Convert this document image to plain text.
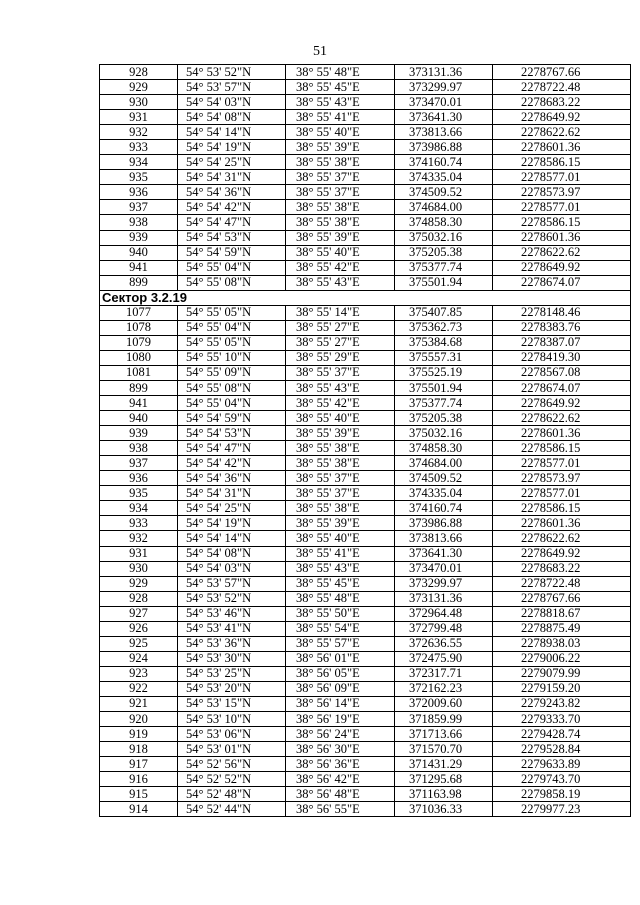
51
928	54° 53' 52"N	38° 55' 48"E	373131.36	2278767.66
929	54° 53' 57"N	38° 55' 45"E	373299.97	2278722.48
930	54° 54' 03"N	38° 55' 43"E	373470.01	2278683.22
931	54° 54' 08"N	38° 55' 41"E	373641.30	2278649.92
932	54° 54' 14"N	38° 55' 40"E	373813.66	2278622.62
933	54° 54' 19"N	38° 55' 39"E	373986.88	2278601.36
934	54° 54' 25"N	38° 55' 38"E	374160.74	2278586.15
935	54° 54' 31"N	38° 55' 37"E	374335.04	2278577.01
936	54° 54' 36"N	38° 55' 37"E	374509.52	2278573.97
937	54° 54' 42"N	38° 55' 38"E	374684.00	2278577.01
938	54° 54' 47"N	38° 55' 38"E	374858.30	2278586.15
939	54° 54' 53"N	38° 55' 39"E	375032.16	2278601.36
940	54° 54' 59"N	38° 55' 40"E	375205.38	2278622.62
941	54° 55' 04"N	38° 55' 42"E	375377.74	2278649.92
899	54° 55' 08"N	38° 55' 43"E	375501.94	2278674.07
Сектор 3.2.19				
1077	54° 55' 05"N	38° 55' 14"E	375407.85	2278148.46
1078	54° 55' 04"N	38° 55' 27"E	375362.73	2278383.76
1079	54° 55' 05"N	38° 55' 27"E	375384.68	2278387.07
1080	54° 55' 10"N	38° 55' 29"E	375557.31	2278419.30
1081	54° 55' 09"N	38° 55' 37"E	375525.19	2278567.08
899	54° 55' 08"N	38° 55' 43"E	375501.94	2278674.07
941	54° 55' 04"N	38° 55' 42"E	375377.74	2278649.92
940	54° 54' 59"N	38° 55' 40"E	375205.38	2278622.62
939	54° 54' 53"N	38° 55' 39"E	375032.16	2278601.36
938	54° 54' 47"N	38° 55' 38"E	374858.30	2278586.15
937	54° 54' 42"N	38° 55' 38"E	374684.00	2278577.01
936	54° 54' 36"N	38° 55' 37"E	374509.52	2278573.97
935	54° 54' 31"N	38° 55' 37"E	374335.04	2278577.01
934	54° 54' 25"N	38° 55' 38"E	374160.74	2278586.15
933	54° 54' 19"N	38° 55' 39"E	373986.88	2278601.36
932	54° 54' 14"N	38° 55' 40"E	373813.66	2278622.62
931	54° 54' 08"N	38° 55' 41"E	373641.30	2278649.92
930	54° 54' 03"N	38° 55' 43"E	373470.01	2278683.22
929	54° 53' 57"N	38° 55' 45"E	373299.97	2278722.48
928	54° 53' 52"N	38° 55' 48"E	373131.36	2278767.66
927	54° 53' 46"N	38° 55' 50"E	372964.48	2278818.67
926	54° 53' 41"N	38° 55' 54"E	372799.48	2278875.49
925	54° 53' 36"N	38° 55' 57"E	372636.55	2278938.03
924	54° 53' 30"N	38° 56' 01"E	372475.90	2279006.22
923	54° 53' 25"N	38° 56' 05"E	372317.71	2279079.99
922	54° 53' 20"N	38° 56' 09"E	372162.23	2279159.20
921	54° 53' 15"N	38° 56' 14"E	372009.60	2279243.82
920	54° 53' 10"N	38° 56' 19"E	371859.99	2279333.70
919	54° 53' 06"N	38° 56' 24"E	371713.66	2279428.74
918	54° 53' 01"N	38° 56' 30"E	371570.70	2279528.84
917	54° 52' 56"N	38° 56' 36"E	371431.29	2279633.89
916	54° 52' 52"N	38° 56' 42"E	371295.68	2279743.70
915	54° 52' 48"N	38° 56' 48"E	371163.98	2279858.19
914	54° 52' 44"N	38° 56' 55"E	371036.33	2279977.23
